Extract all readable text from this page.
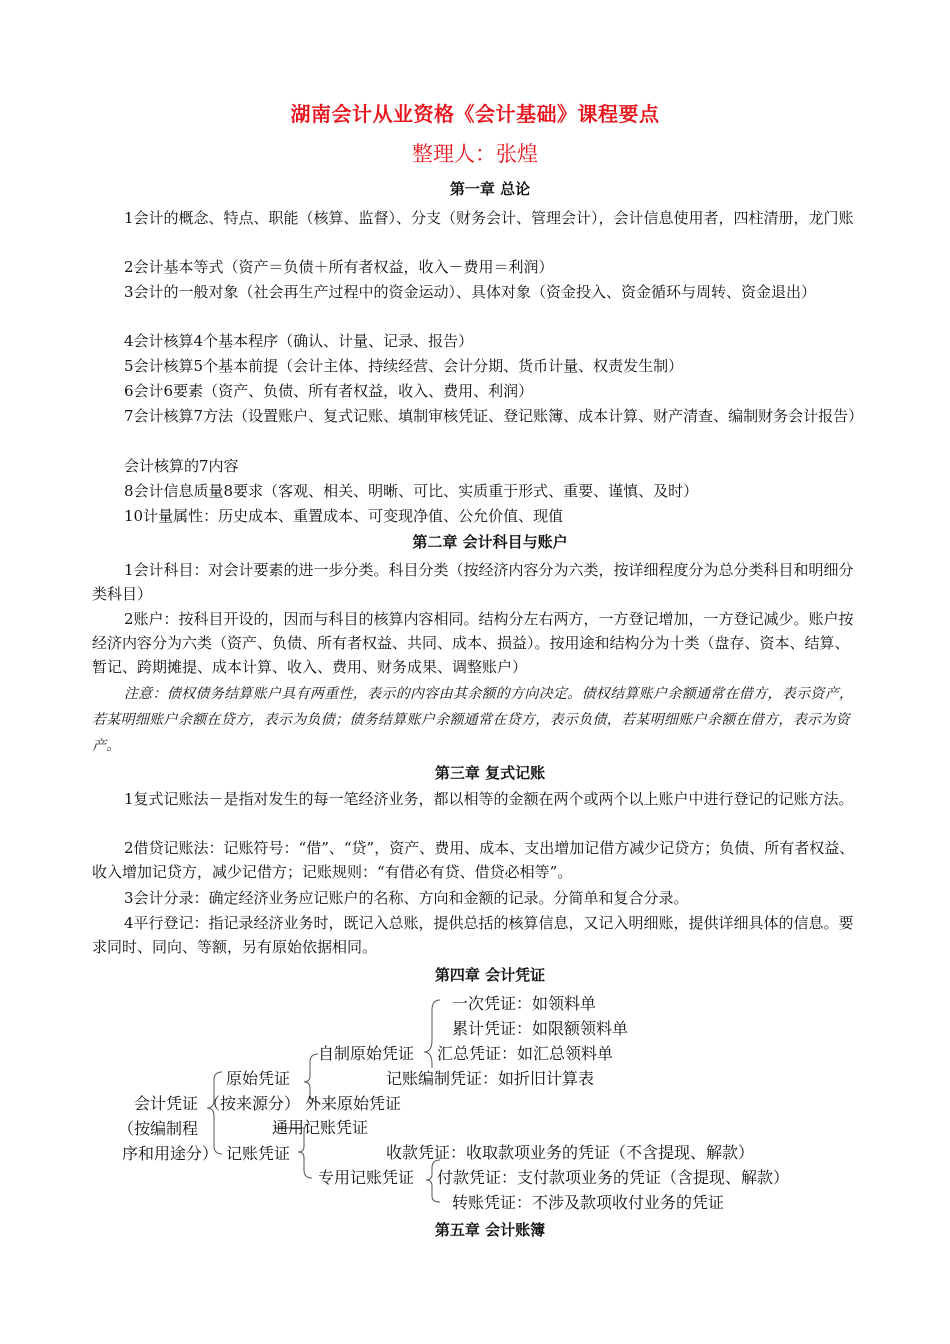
湖南会计从业资格《会计基础》课程要点
整理人：张煌
第一章 总论
1会计的概念、特点、职能（核算、监督）、分支（财务会计、管理会计），会计信息使用者，四柱清册，龙门账
2会计基本等式（资产＝负债＋所有者权益，收入－费用＝利润）
3会计的一般对象（社会再生产过程中的资金运动）、具体对象（资金投入、资金循环与周转、资金退出）
4会计核算4个基本程序（确认、计量、记录、报告）
5会计核算5个基本前提（会计主体、持续经营、会计分期、货币计量、权责发生制）
6会计6要素（资产、负债、所有者权益，收入、费用、利润）
7会计核算7方法（设置账户、复式记账、填制审核凭证、登记账簿、成本计算、财产清查、编制财务会计报告）
会计核算的7内容
8会计信息质量8要求（客观、相关、明晰、可比、实质重于形式、重要、谨慎、及时）
10计量属性：历史成本、重置成本、可变现净值、公允价值、现值
第二章 会计科目与账户
1会计科目：对会计要素的进一步分类。科目分类（按经济内容分为六类，按详细程度分为总分类科目和明细分类科目）
2账户：按科目开设的，因而与科目的核算内容相同。结构分左右两方，一方登记增加，一方登记减少。账户按经济内容分为六类（资产、负债、所有者权益、共同、成本、损益）。按用途和结构分为十类（盘存、资本、结算、暂记、跨期摊提、成本计算、收入、费用、财务成果、调整账户）
注意：债权债务结算账户具有两重性，表示的内容由其余额的方向决定。债权结算账户余额通常在借方，表示资产，若某明细账户余额在贷方，表示为负债；债务结算账户余额通常在贷方，表示负债，若某明细账户余额在借方，表示为资产。
第三章 复式记账
1复式记账法－是指对发生的每一笔经济业务，都以相等的金额在两个或两个以上账户中进行登记的记账方法。
2借贷记账法：记账符号：“借”、“贷”，资产、费用、成本、支出增加记借方减少记贷方；负债、所有者权益、收入增加记贷方，减少记借方；记账规则：“有借必有贷、借贷必相等”。
3会计分录：确定经济业务应记账户的名称、方向和金额的记录。分简单和复合分录。
4平行登记：指记录经济业务时，既记入总账，提供总括的核算信息，又记入明细账，提供详细具体的信息。要求同时、同向、等额，另有原始依据相同。
第四章 会计凭证
会计凭证
（按编制程
序和用途分）
原始凭证
（按来源分）
记账凭证
自制原始凭证
外来原始凭证
通用记账凭证
专用记账凭证
一次凭证：如领料单
累计凭证：如限额领料单
汇总凭证：如汇总领料单
记账编制凭证：如折旧计算表
收款凭证：收取款项业务的凭证（不含提现、解款）
付款凭证：支付款项业务的凭证（含提现、解款）
转账凭证：不涉及款项收付业务的凭证
第五章 会计账簿
